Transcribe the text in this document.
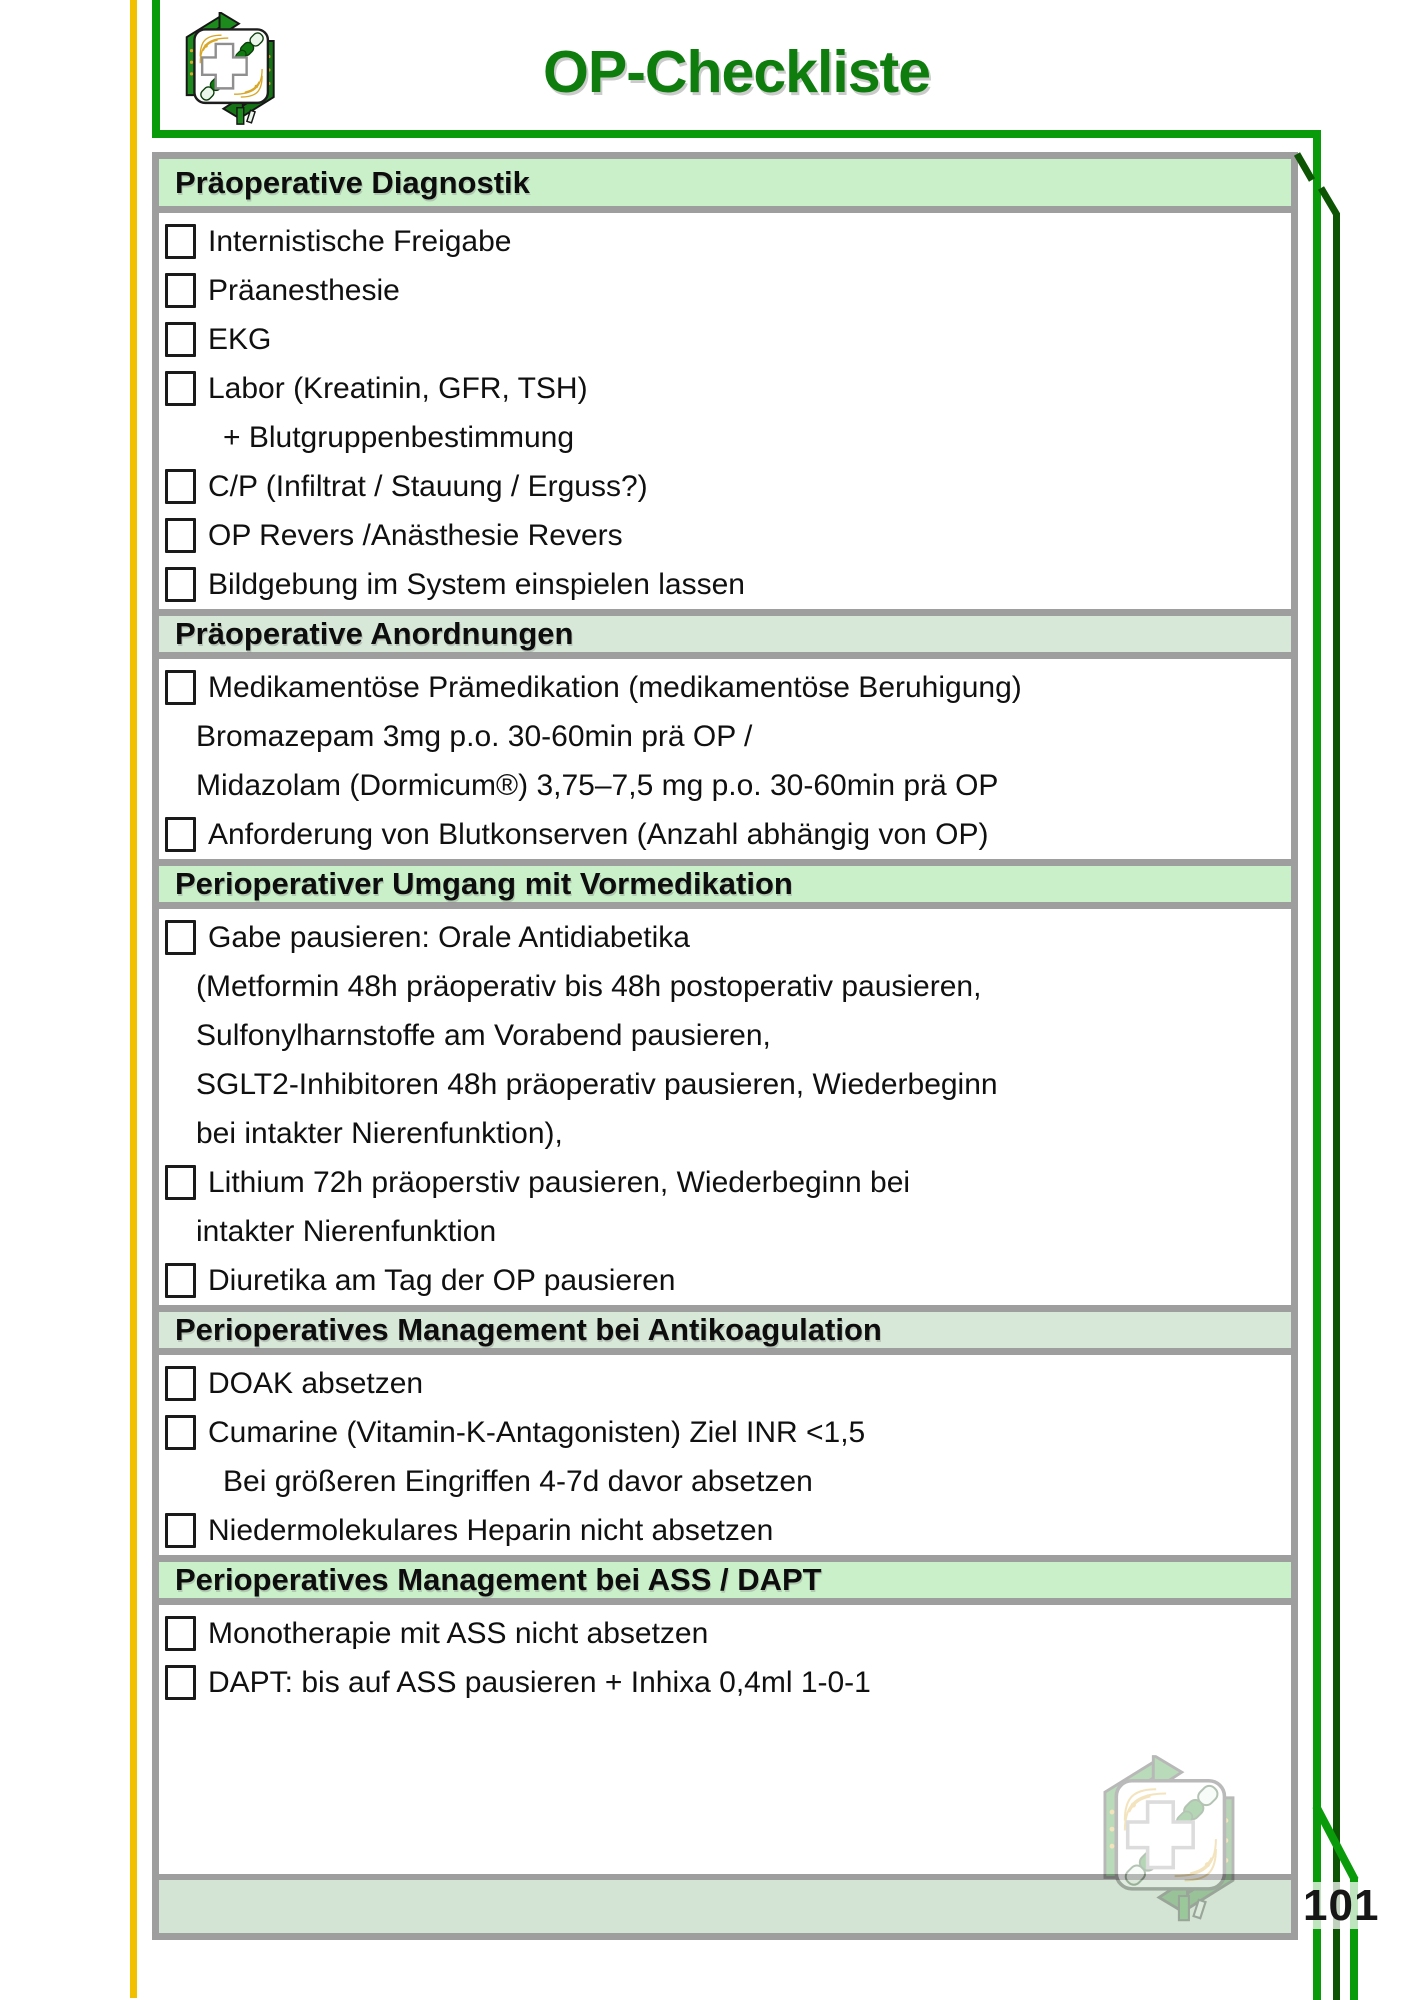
OP-Checkliste
Präoperative Diagnostik
Internistische Freigabe
Präanesthesie
EKG
Labor (Kreatinin, GFR, TSH)
+ Blutgruppenbestimmung
C/P (Infiltrat / Stauung / Erguss?)
OP Revers /Anästhesie Revers
Bildgebung im System einspielen lassen
Präoperative Anordnungen
Medikamentöse Prämedikation (medikamentöse Beruhigung)
Bromazepam 3mg p.o. 30-60min prä OP /
Midazolam (Dormicum®) 3,75–7,5 mg p.o. 30-60min prä OP
Anforderung von Blutkonserven (Anzahl abhängig von OP)
Perioperativer Umgang mit Vormedikation
Gabe pausieren: Orale Antidiabetika
(Metformin 48h präoperativ bis 48h postoperativ pausieren,
Sulfonylharnstoffe am Vorabend pausieren,
SGLT2-Inhibitoren 48h präoperativ pausieren, Wiederbeginn
bei intakter Nierenfunktion),
Lithium 72h präoperstiv pausieren, Wiederbeginn bei
intakter Nierenfunktion
Diuretika am Tag der OP pausieren
Perioperatives Management bei Antikoagulation
DOAK absetzen
Cumarine (Vitamin-K-Antagonisten) Ziel INR <1,5
Bei größeren Eingriffen 4-7d davor absetzen
Niedermolekulares Heparin nicht absetzen
Perioperatives Management bei ASS / DAPT
Monotherapie mit ASS nicht absetzen
DAPT: bis auf ASS pausieren + Inhixa 0,4ml 1-0-1
101
